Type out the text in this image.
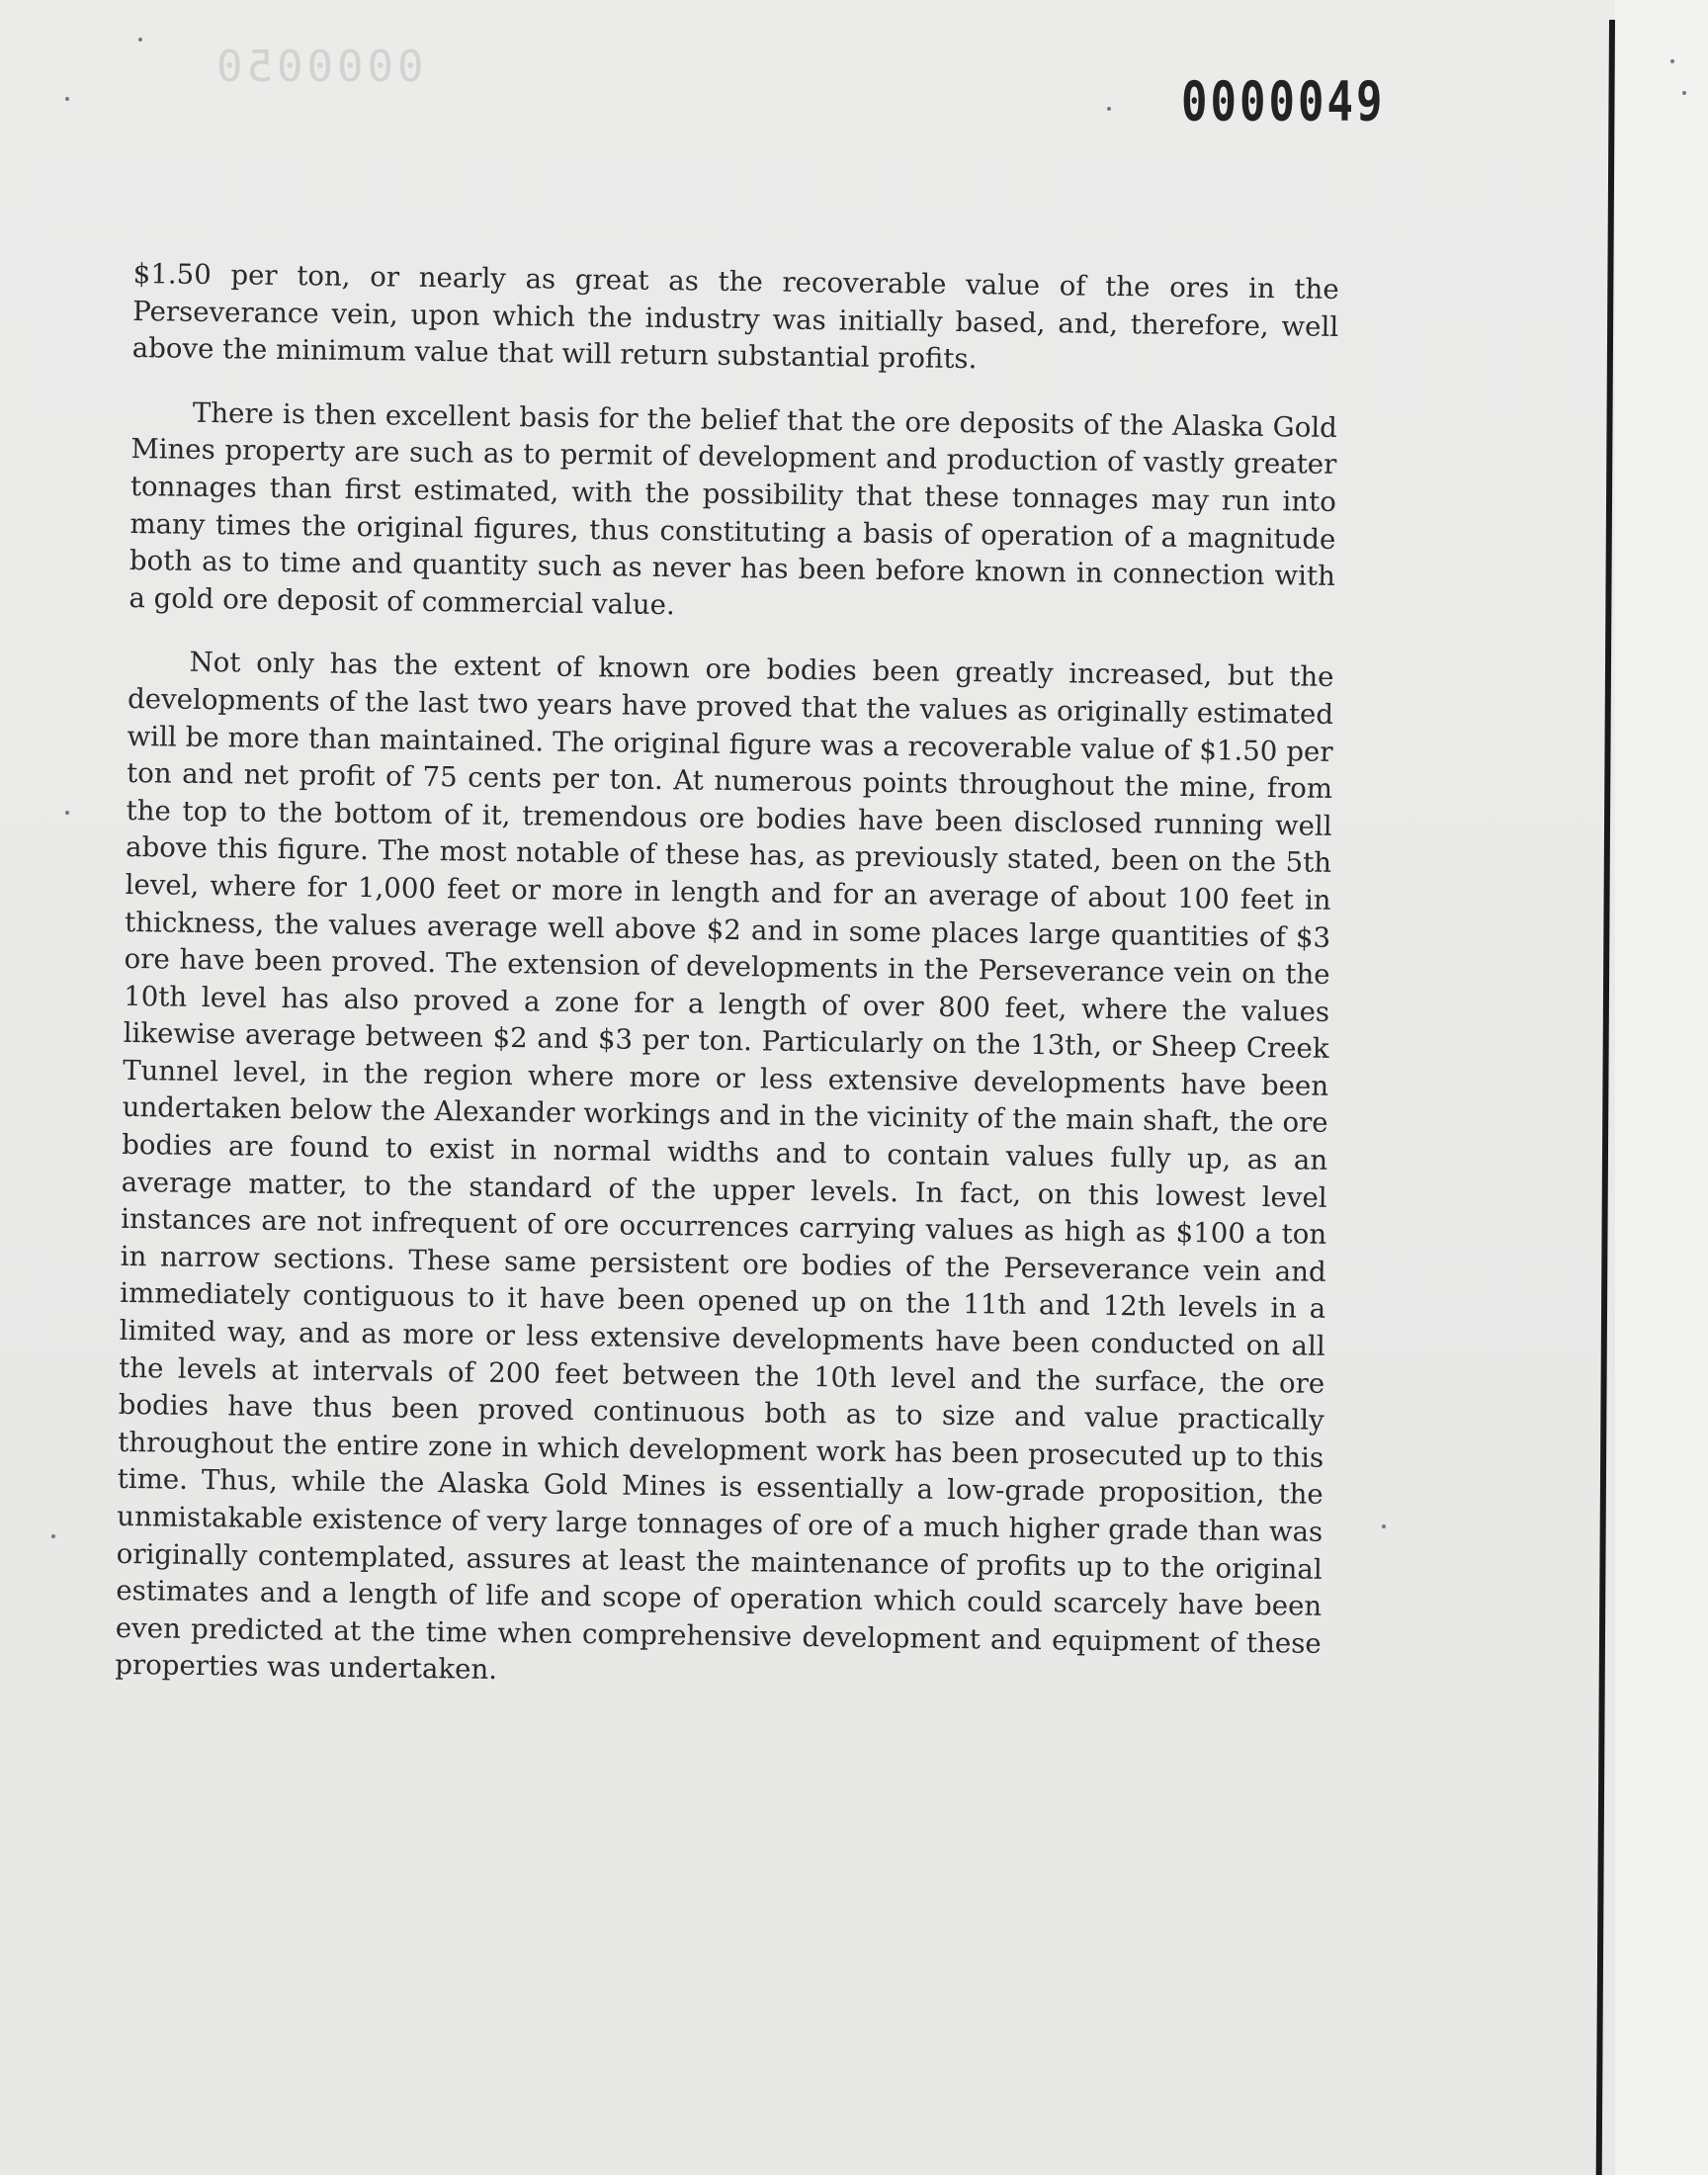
0000050
0000049

$1.50 per ton, or nearly as great as the recoverable value of the ores in the Perseverance vein, upon which the industry was initially based, and, therefore, well above the minimum value that will return substantial profits.

There is then excellent basis for the belief that the ore deposits of the Alaska Gold Mines property are such as to permit of development and production of vastly greater tonnages than first estimated, with the possibility that these tonnages may run into many times the original figures, thus constituting a basis of operation of a magnitude both as to time and quantity such as never has been before known in connection with a gold ore deposit of commercial value.

Not only has the extent of known ore bodies been greatly increased, but the developments of the last two years have proved that the values as originally estimated will be more than maintained. The original figure was a recoverable value of $1.50 per ton and net profit of 75 cents per ton. At numerous points throughout the mine, from the top to the bottom of it, tremendous ore bodies have been disclosed running well above this figure. The most notable of these has, as previously stated, been on the 5th level, where for 1,000 feet or more in length and for an average of about 100 feet in thickness, the values average well above $2 and in some places large quantities of $3 ore have been proved. The extension of developments in the Perseverance vein on the 10th level has also proved a zone for a length of over 800 feet, where the values likewise average between $2 and $3 per ton. Particularly on the 13th, or Sheep Creek Tunnel level, in the region where more or less extensive developments have been undertaken below the Alexander workings and in the vicinity of the main shaft, the ore bodies are found to exist in normal widths and to contain values fully up, as an average matter, to the standard of the upper levels. In fact, on this lowest level instances are not infrequent of ore occurrences carrying values as high as $100 a ton in narrow sections. These same persistent ore bodies of the Perseverance vein and immediately contiguous to it have been opened up on the 11th and 12th levels in a limited way, and as more or less extensive developments have been conducted on all the levels at intervals of 200 feet between the 10th level and the surface, the ore bodies have thus been proved continuous both as to size and value practically throughout the entire zone in which development work has been prosecuted up to this time. Thus, while the Alaska Gold Mines is essentially a low-grade proposition, the unmistakable existence of very large tonnages of ore of a much higher grade than was originally contemplated, assures at least the maintenance of profits up to the original estimates and a length of life and scope of operation which could scarcely have been even predicted at the time when comprehensive development and equipment of these properties was undertaken.
